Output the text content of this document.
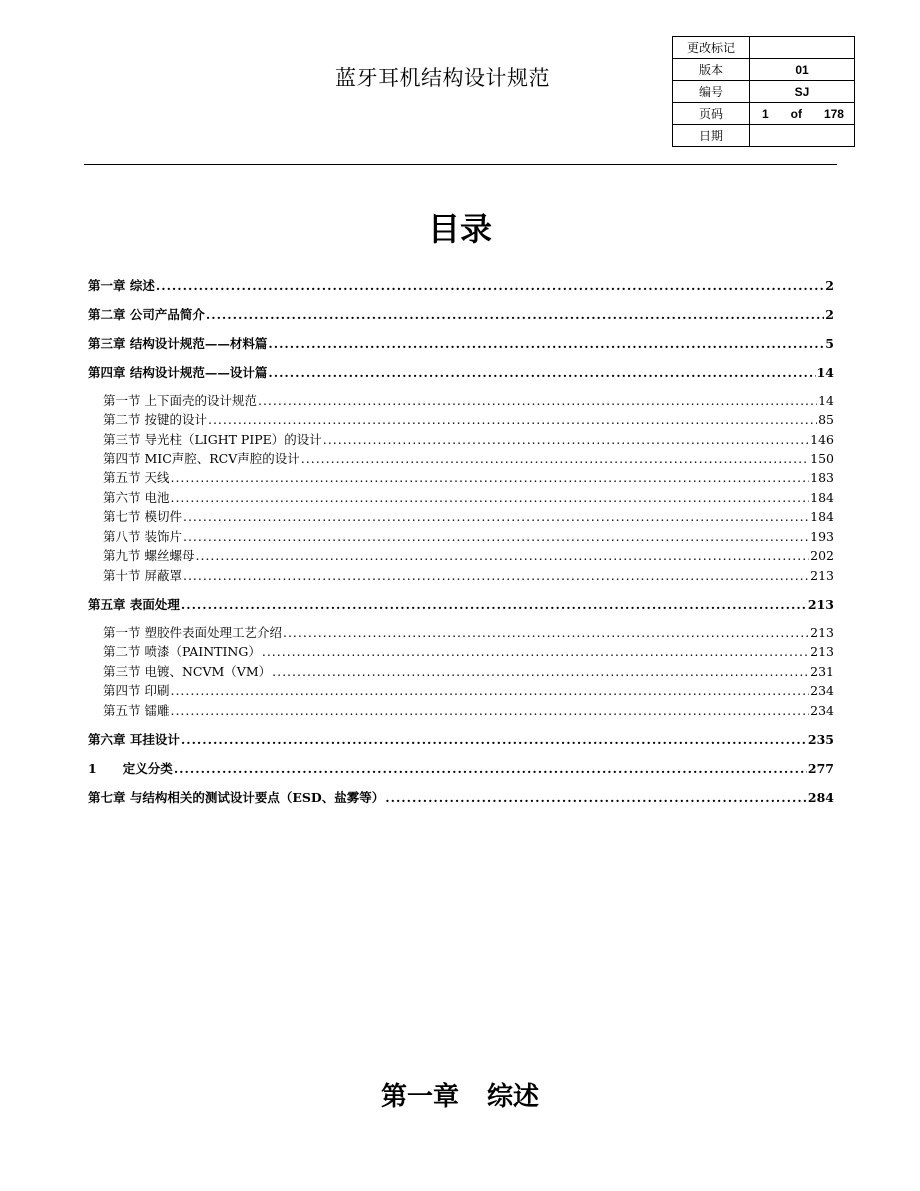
蓝牙耳机结构设计规范
更改标记	
版本	01
编号	SJ
页码	1 of 178

日期	
目录
第一章 综述 .....	2
第二章 公司产品简介 .....	2
第三章 结构设计规范——材料篇 .....	5
第四章 结构设计规范——设计篇 .....	14
第一节 上下面壳的设计规范 .....	14
第二节 按键的设计 .....	85
第三节 导光柱（LIGHT PIPE）的设计 .....	146
第四节 MIC声腔、RCV声腔的设计 .....	150
第五节 天线 .....	183
第六节 电池 .....	184
第七节 模切件 .....	184
第八节 装饰片 .....	193
第九节 螺丝螺母 .....	202
第十节 屏蔽罩 .....	213
第五章 表面处理 .....	213
第一节 塑胶件表面处理工艺介绍 .....	213
第二节 喷漆（PAINTING） .....	213
第三节 电镀、NCVM（VM） .....	231
第四节 印刷 .....	234
第五节 镭雕 .....	234
第六章 耳挂设计 .....	235
1      定义分类 .....	277
第七章 与结构相关的测试设计要点（ESD、盐雾等） .....	284
第一章 综述
